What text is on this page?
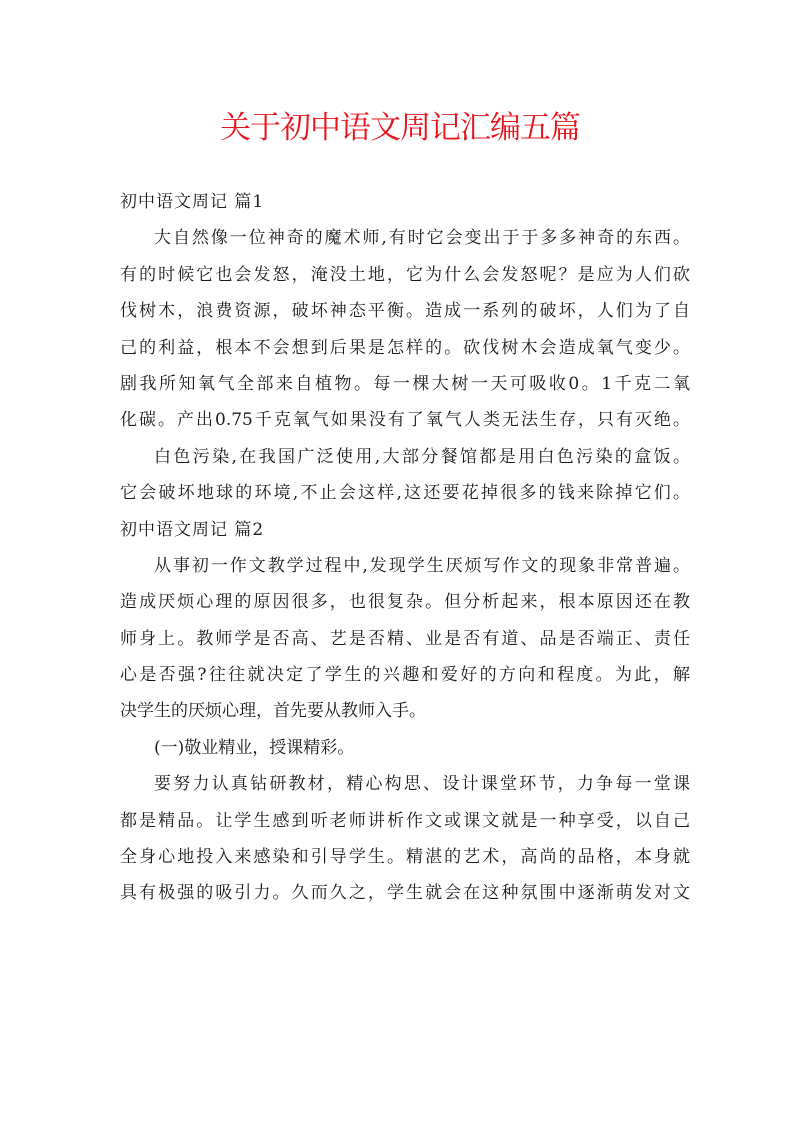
关于初中语文周记汇编五篇
初中语文周记 篇1
大自然像一位神奇的魔术师,有时它会变出于于多多神奇的东西。
有的时候它也会发怒，淹没土地，它为什么会发怒呢？是应为人们砍
伐树木，浪费资源，破坏神态平衡。造成一系列的破坏，人们为了自
己的利益，根本不会想到后果是怎样的。砍伐树木会造成氧气变少。
剧我所知氧气全部来自植物。每一棵大树一天可吸收0。1千克二氧
化碳。产出0.75千克氧气如果没有了氧气人类无法生存，只有灭绝。
白色污染,在我国广泛使用,大部分餐馆都是用白色污染的盒饭。
它会破坏地球的环境,不止会这样,这还要花掉很多的钱来除掉它们。
初中语文周记 篇2
从事初一作文教学过程中,发现学生厌烦写作文的现象非常普遍。
造成厌烦心理的原因很多，也很复杂。但分析起来，根本原因还在教
师身上。教师学是否高、艺是否精、业是否有道、品是否端正、责任
心是否强?往往就决定了学生的兴趣和爱好的方向和程度。为此，解
决学生的厌烦心理，首先要从教师入手。
(一)敬业精业，授课精彩。
要努力认真钻研教材，精心构思、设计课堂环节，力争每一堂课
都是精品。让学生感到听老师讲析作文或课文就是一种享受，以自己
全身心地投入来感染和引导学生。精湛的艺术，高尚的品格，本身就
具有极强的吸引力。久而久之，学生就会在这种氛围中逐渐萌发对文
